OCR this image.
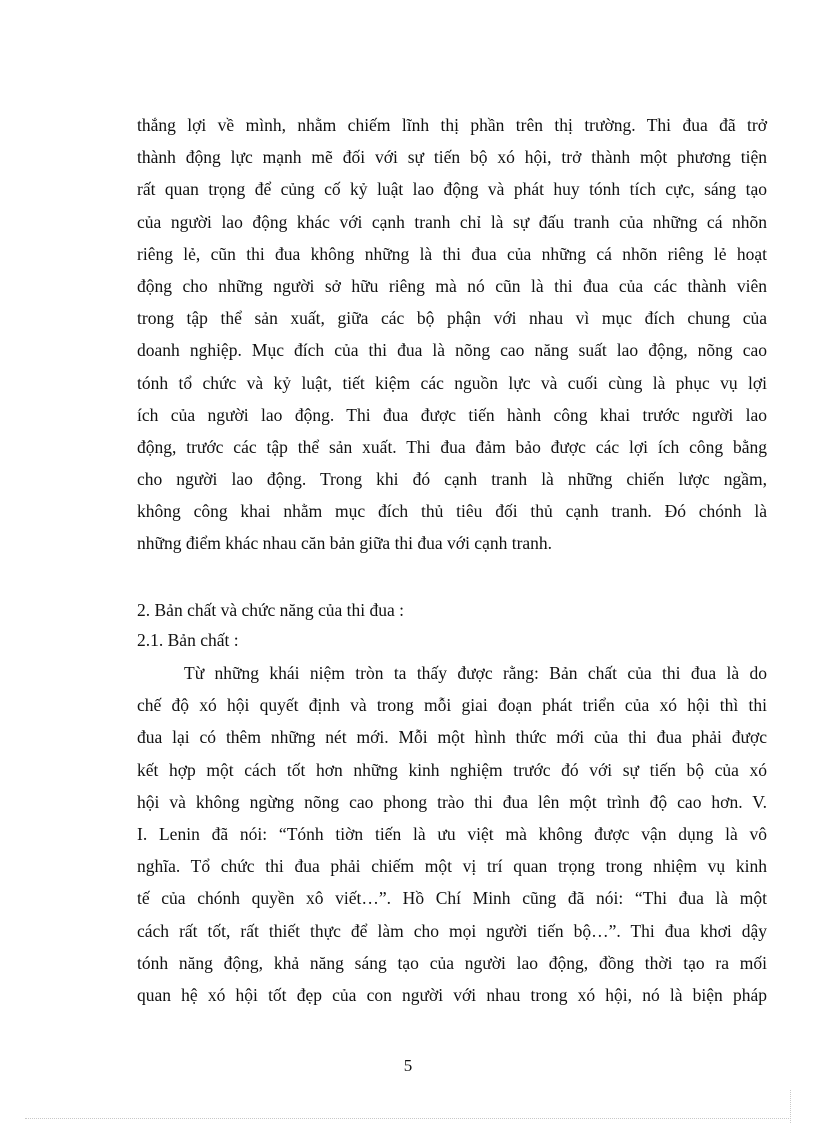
thắng lợi về mình, nhằm chiếm lĩnh thị phần trên thị trường. Thi đua đã trở
thành động lực mạnh mẽ đối với sự tiến bộ xó hội, trở thành một phương tiện
rất quan trọng để củng cố kỷ luật lao động và phát huy tónh tích cực, sáng tạo
của người lao động khác với cạnh tranh chỉ là sự đấu tranh của những cá nhõn
riêng lẻ, cũn thi đua không những là thi đua của những cá nhõn riêng lẻ hoạt
động cho những người sở hữu riêng mà nó cũn là thi đua của các thành viên
trong tập thể sản xuất, giữa các bộ phận với nhau vì mục đích chung của
doanh nghiệp. Mục đích của thi đua là nõng cao năng suất lao động, nõng cao
tónh tổ chức và kỷ luật, tiết kiệm các nguồn lực và cuối cùng là phục vụ lợi
ích của người lao động. Thi đua được tiến hành công khai trước người lao
động, trước các tập thể sản xuất. Thi đua đảm bảo được các lợi ích công bằng
cho người lao động. Trong khi đó cạnh tranh là những chiến lược ngầm,
không công khai nhằm mục đích thủ tiêu đối thủ cạnh tranh. Đó chónh là
những điểm khác nhau căn bản giữa thi đua với cạnh tranh.
2. Bản chất và chức năng của thi đua :
2.1. Bản chất :
Từ những khái niệm tròn ta thấy được rằng: Bản chất của thi đua là do
chế độ xó hội quyết định và trong mỗi giai đoạn phát triển của xó hội thì thi
đua lại có thêm những nét mới. Mỗi một hình thức mới của thi đua phải được
kết hợp một cách tốt hơn những kinh nghiệm trước đó với sự tiến bộ của xó
hội và không ngừng nõng cao phong trào thi đua lên một trình độ cao hơn. V.
I. Lenin đã nói: “Tónh tiờn tiến là ưu việt mà không được vận dụng là vô
nghĩa. Tổ chức thi đua phải chiếm một vị trí quan trọng trong nhiệm vụ kinh
tế của chónh quyền xô viết…”. Hồ Chí Minh cũng đã nói: “Thi đua là một
cách rất tốt, rất thiết thực để làm cho mọi người tiến bộ…”. Thi đua khơi dậy
tónh năng động, khả năng sáng tạo của người lao động, đồng thời tạo ra mối
quan hệ xó hội tốt đẹp của con người với nhau trong xó hội, nó là biện pháp
5
